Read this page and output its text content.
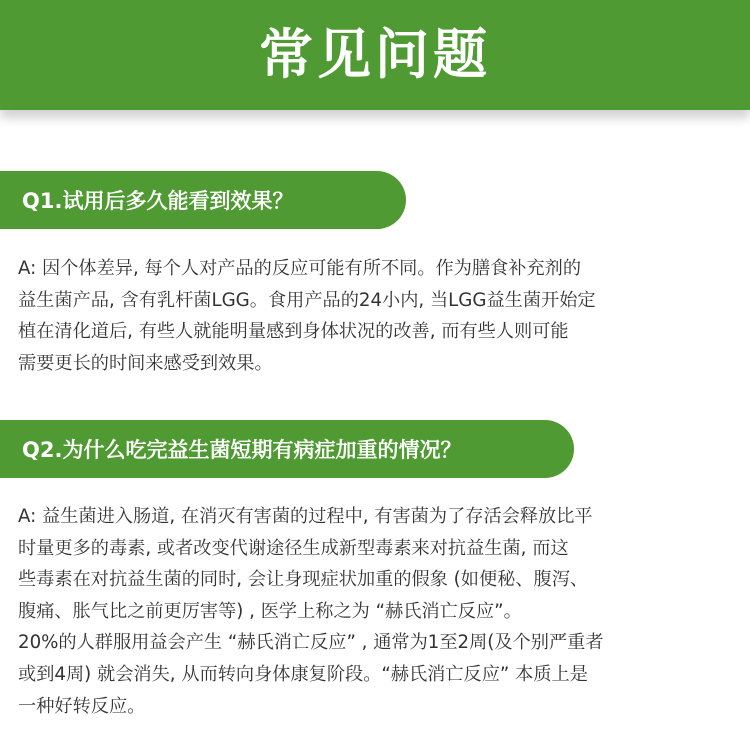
常见问题
Q1.试用后多久能看到效果？

A: 因个体差异, 每个人对产品的反应可能有所不同。作为膳食补充剂的

益生菌产品, 含有乳杆菌LGG。食用产品的24小内, 当LGG益生菌开始定

植在清化道后, 有些人就能明量感到身体状况的改善, 而有些人则可能

需要更长的时间来感受到效果。

Q2.为什么吃完益生菌短期有病症加重的情况？

A: 益生菌进入肠道, 在消灭有害菌的过程中, 有害菌为了存活会释放比平

时量更多的毒素, 或者改变代谢途径生成新型毒素来对抗益生菌, 而这

些毒素在对抗益生菌的同时, 会让身现症状加重的假象 (如便秘、腹泻、

腹痛、胀气比之前更厉害等) , 医学上称之为 “赫氏消亡反应”。

20%的人群服用益会产生 “赫氏消亡反应” , 通常为1至2周(及个别严重者

或到4周) 就会消失, 从而转向身体康复阶段。“赫氏消亡反应” 本质上是

一种好转反应。
